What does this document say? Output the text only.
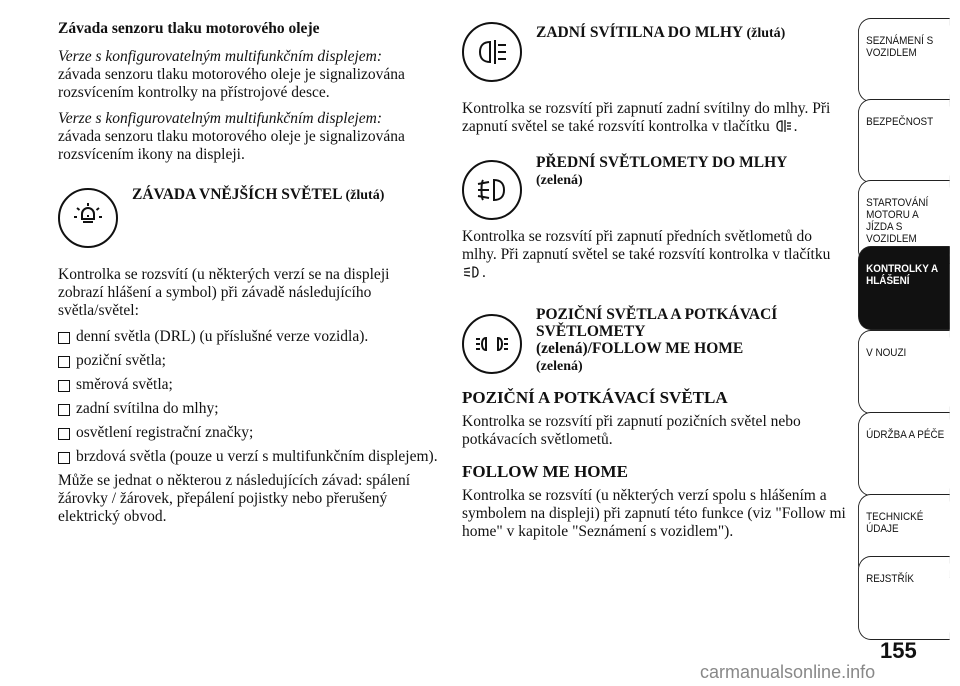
Závada senzoru tlaku motorového oleje

Verze s konfigurovatelným multifunkčním displejem:
závada senzoru tlaku motorového oleje je signalizována rozsvícením kontrolky na přístrojové desce.

Verze s konfigurovatelným multifunkčním displejem:
závada senzoru tlaku motorového oleje je signalizována rozsvícením ikony na displeji.

ZÁVADA VNĚJŠÍCH SVĚTEL (žlutá)

Kontrolka se rozsvítí (u některých verzí se na displeji zobrazí hlášení a symbol) při závadě následujícího světla/světel:

denní světla (DRL) (u příslušné verze vozidla).
poziční světla;
směrová světla;
zadní svítilna do mlhy;
osvětlení registrační značky;
brzdová světla (pouze u verzí s multifunkčním displejem).

Může se jednat o některou z následujících závad: spálení žárovky / žárovek, přepálení pojistky nebo přerušený elektrický obvod.

ZADNÍ SVÍTILNA DO MLHY (žlutá)

Kontrolka se rozsvítí při zapnutí zadní svítilny do mlhy. Při zapnutí světel se také rozsvítí kontrolka v tlačítku .

PŘEDNÍ SVĚTLOMETY DO MLHY
(zelená)

Kontrolka se rozsvítí při zapnutí předních světlometů do mlhy. Při zapnutí světel se také rozsvítí kontrolka v tlačítku .

POZIČNÍ SVĚTLA A POTKÁVACÍ SVĚTLOMETY
(zelená)/FOLLOW ME HOME
(zelená)
POZIČNÍ A POTKÁVACÍ SVĚTLA

Kontrolka se rozsvítí při zapnutí pozičních světel nebo potkávacích světlometů.

FOLLOW ME HOME

Kontrolka se rozsvítí (u některých verzí spolu s hlášením a symbolem na displeji) při zapnutí této funkce (viz "Follow mi home" v kapitole "Seznámení s vozidlem").

SEZNÁMENÍ S VOZIDLEM
BEZPEČNOST
STARTOVÁNÍ MOTORU A JÍZDA S VOZIDLEM
KONTROLKY A HLÁŠENÍ
V NOUZI
ÚDRŽBA A PÉČE
TECHNICKÉ ÚDAJE
REJSTŘÍK
155
carmanualsonline.info
